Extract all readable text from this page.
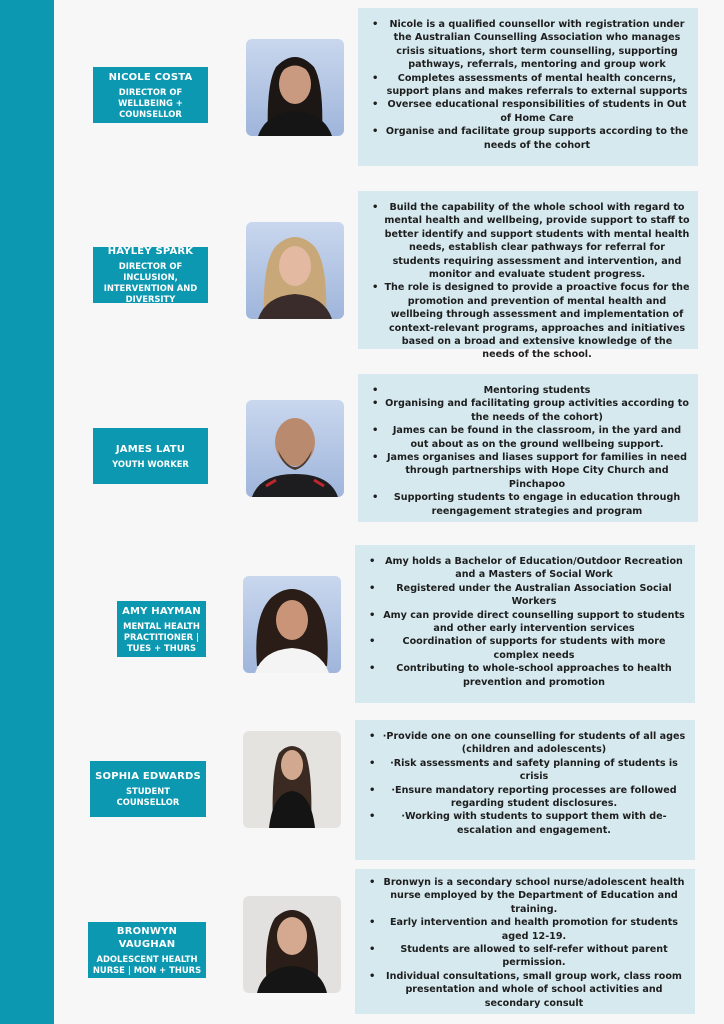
NICOLE COSTA
DIRECTOR OF WELLBEING + COUNSELLOR
• Nicole is a qualified counsellor with registration under the Australian Counselling Association who manages crisis situations, short term counselling, supporting pathways, referrals, mentoring and group work
• Completes assessments of mental health concerns, support plans and makes referrals to external supports
• Oversee educational responsibilities of students in Out of Home Care
• Organise and facilitate group supports according to the needs of the cohort
HAYLEY SPARK
DIRECTOR OF INCLUSION, INTERVENTION AND DIVERSITY
• Build the capability of the whole school with regard to mental health and wellbeing, provide support to staff to better identify and support students with mental health needs, establish clear pathways for referral for students requiring assessment and intervention, and monitor and evaluate student progress.
• The role is designed to provide a proactive focus for the promotion and prevention of mental health and wellbeing through assessment and implementation of context-relevant programs, approaches and initiatives based on a broad and extensive knowledge of the needs of the school.
JAMES LATU
YOUTH WORKER
• Mentoring students
• Organising and facilitating group activities according to the needs of the cohort)
• James can be found in the classroom, in the yard and out about as on the ground wellbeing support.
• James organises and liases support for families in need through partnerships with Hope City Church and Pinchapoo
• Supporting students to engage in education through reengagement strategies and program
AMY HAYMAN
MENTAL HEALTH PRACTITIONER | TUES + THURS
• Amy holds a Bachelor of Education/Outdoor Recreation and a Masters of Social Work
• Registered under the Australian Association Social Workers
• Amy can provide direct counselling support to students and other early intervention services
• Coordination of supports for students with more complex needs
• Contributing to whole-school approaches to health prevention and promotion
SOPHIA EDWARDS
STUDENT COUNSELLOR
• ·Provide one on one counselling for students of all ages (children and adolescents)
• ·Risk assessments and safety planning of students is crisis
• ·Ensure mandatory reporting processes are followed regarding student disclosures.
• ·Working with students to support them with de-escalation and engagement.
BRONWYN VAUGHAN
ADOLESCENT HEALTH NURSE | MON + THURS
• Bronwyn is a secondary school nurse/adolescent health nurse employed by the Department of Education and training.
• Early intervention and health promotion for students aged 12-19.
• Students are allowed to self-refer without parent permission.
• Individual consultations, small group work, class room presentation and whole of school activities and secondary consult
